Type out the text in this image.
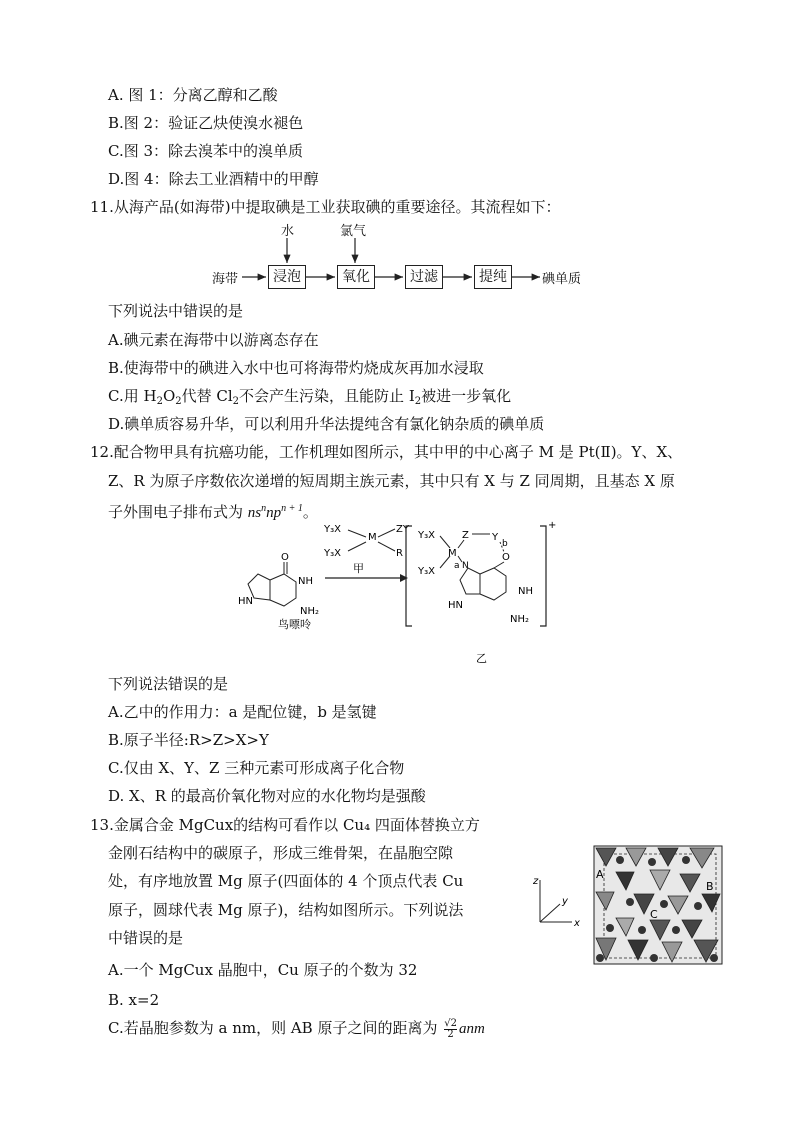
A. 图 1：分离乙醇和乙酸
B.图 2：验证乙炔使溴水褪色
C.图 3：除去溴苯中的溴单质
D.图 4：除去工业酒精中的甲醇
11.从海产品(如海带)中提取碘是工业获取碘的重要途径。其流程如下：
海带
水	氯气
浸泡	氧化	过滤	提纯	碘单质
下列说法中错误的是
A.碘元素在海带中以游离态存在
B.使海带中的碘进入水中也可将海带灼烧成灰再加水浸取
C.用 $H_2O_2$代替 $Cl_2$不会产生污染，且能防止 $I_2$被进一步氧化
D.碘单质容易升华，可以利用升华法提纯含有氯化钠杂质的碘单质
12.配合物甲具有抗癌功能，工作机理如图所示，其中甲的中心离子 M 是 Pt(Ⅱ)。Y、X、
Z、R 为原子序数依次递增的短周期主族元素，其中只有 X 与 Z 同周期，且基态 X 原
子外围电子排布式为 $ns^nnp^{n + 1}$。
Y₃X
Y₃X
M
ZY
R
甲
O
NH
HN
NH₂
鸟嘌呤
+
Y₃X
Y₃X
M
Z Y
b
a
O
NH
HN
N
NH₂
乙
下列说法错误的是
A.乙中的作用力：a 是配位键，b 是氢键
B.原子半径:R>Z>X>Y
C.仅由 X、Y、Z 三种元素可形成离子化合物
D. X、R 的最高价氧化物对应的水化物均是强酸
13.金属合金 MgCux的结构可看作以 Cu₄ 四面体替换立方
金刚石结构中的碳原子，形成三维骨架，在晶胞空隙
处，有序地放置 Mg 原子(四面体的 4 个顶点代表 Cu
原子，圆球代表 Mg 原子)，结构如图所示。下列说法
中错误的是
A.一个 MgCux 晶胞中，Cu 原子的个数为 32
B. x=2
C.若晶胞参数为 a nm，则 AB 原子之间的距离为 $\frac{√2}{2}$ anm
z
x
y
A
B
C
